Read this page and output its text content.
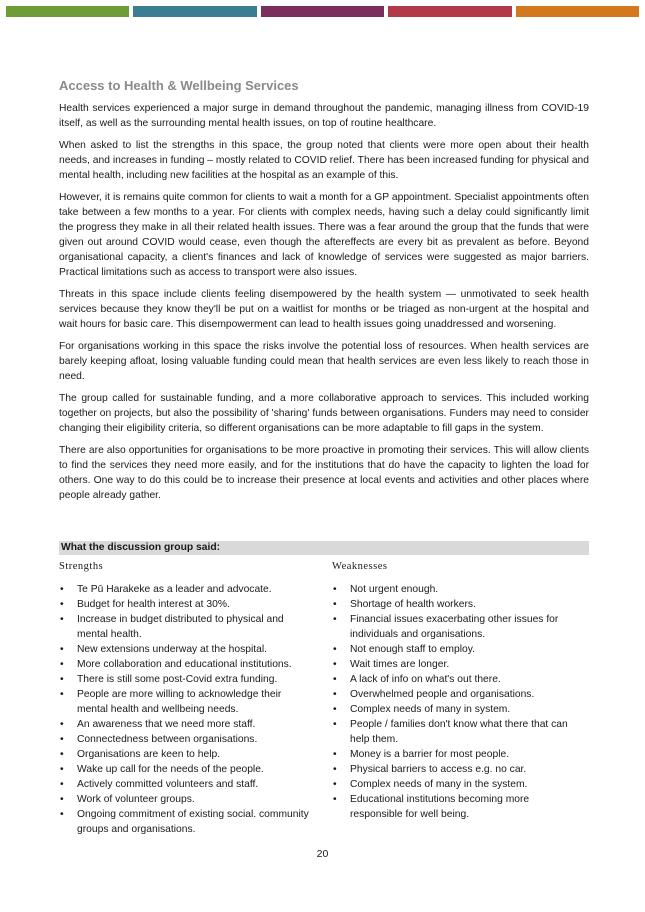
Access to Health & Wellbeing Services

Health services experienced a major surge in demand throughout the pandemic, managing illness from COVID-19 itself, as well as the surrounding mental health issues, on top of routine healthcare.

When asked to list the strengths in this space, the group noted that clients were more open about their health needs, and increases in funding – mostly related to COVID relief. There has been increased funding for physical and mental health, including new facilities at the hospital as an example of this.

However, it is remains quite common for clients to wait a month for a GP appointment. Specialist appointments often take between a few months to a year. For clients with complex needs, having such a delay could significantly limit the progress they make in all their related health issues. There was a fear around the group that the funds that were given out around COVID would cease, even though the aftereffects are every bit as prevalent as before. Beyond organisational capacity, a client's finances and lack of knowledge of services were suggested as major barriers. Practical limitations such as access to transport were also issues.

Threats in this space include clients feeling disempowered by the health system — unmotivated to seek health services because they know they'll be put on a waitlist for months or be triaged as non-urgent at the hospital and wait hours for basic care. This disempowerment can lead to health issues going unaddressed and worsening.

For organisations working in this space the risks involve the potential loss of resources. When health services are barely keeping afloat, losing valuable funding could mean that health services are even less likely to reach those in need.

The group called for sustainable funding, and a more collaborative approach to services. This included working together on projects, but also the possibility of 'sharing' funds between organisations. Funders may need to consider changing their eligibility criteria, so different organisations can be more adaptable to fill gaps in the system.

There are also opportunities for organisations to be more proactive in promoting their services. This will allow clients to find the services they need more easily, and for the institutions that do have the capacity to lighten the load for others. One way to do this could be to increase their presence at local events and activities and other places where people already gather.

What the discussion group said:
Strengths
• Te Pū Harakeke as a leader and advocate.
• Budget for health interest at 30%.
• Increase in budget distributed to physical and mental health.
• New extensions underway at the hospital.
• More collaboration and educational institutions.
• There is still some post-Covid extra funding.
• People are more willing to acknowledge their mental health and wellbeing needs.
• An awareness that we need more staff.
• Connectedness between organisations.
• Organisations are keen to help.
• Wake up call for the needs of the people.
• Actively committed volunteers and staff.
• Work of volunteer groups.
• Ongoing commitment of existing social. community groups and organisations.
Weaknesses
• Not urgent enough.
• Shortage of health workers.
• Financial issues exacerbating other issues for individuals and organisations.
• Not enough staff to employ.
• Wait times are longer.
• A lack of info on what's out there.
• Overwhelmed people and organisations.
• Complex needs of many in system.
• People / families don't know what there that can help them.
• Money is a barrier for most people.
• Physical barriers to access e.g. no car.
• Complex needs of many in the system.
• Educational institutions becoming more responsible for well being.
20
